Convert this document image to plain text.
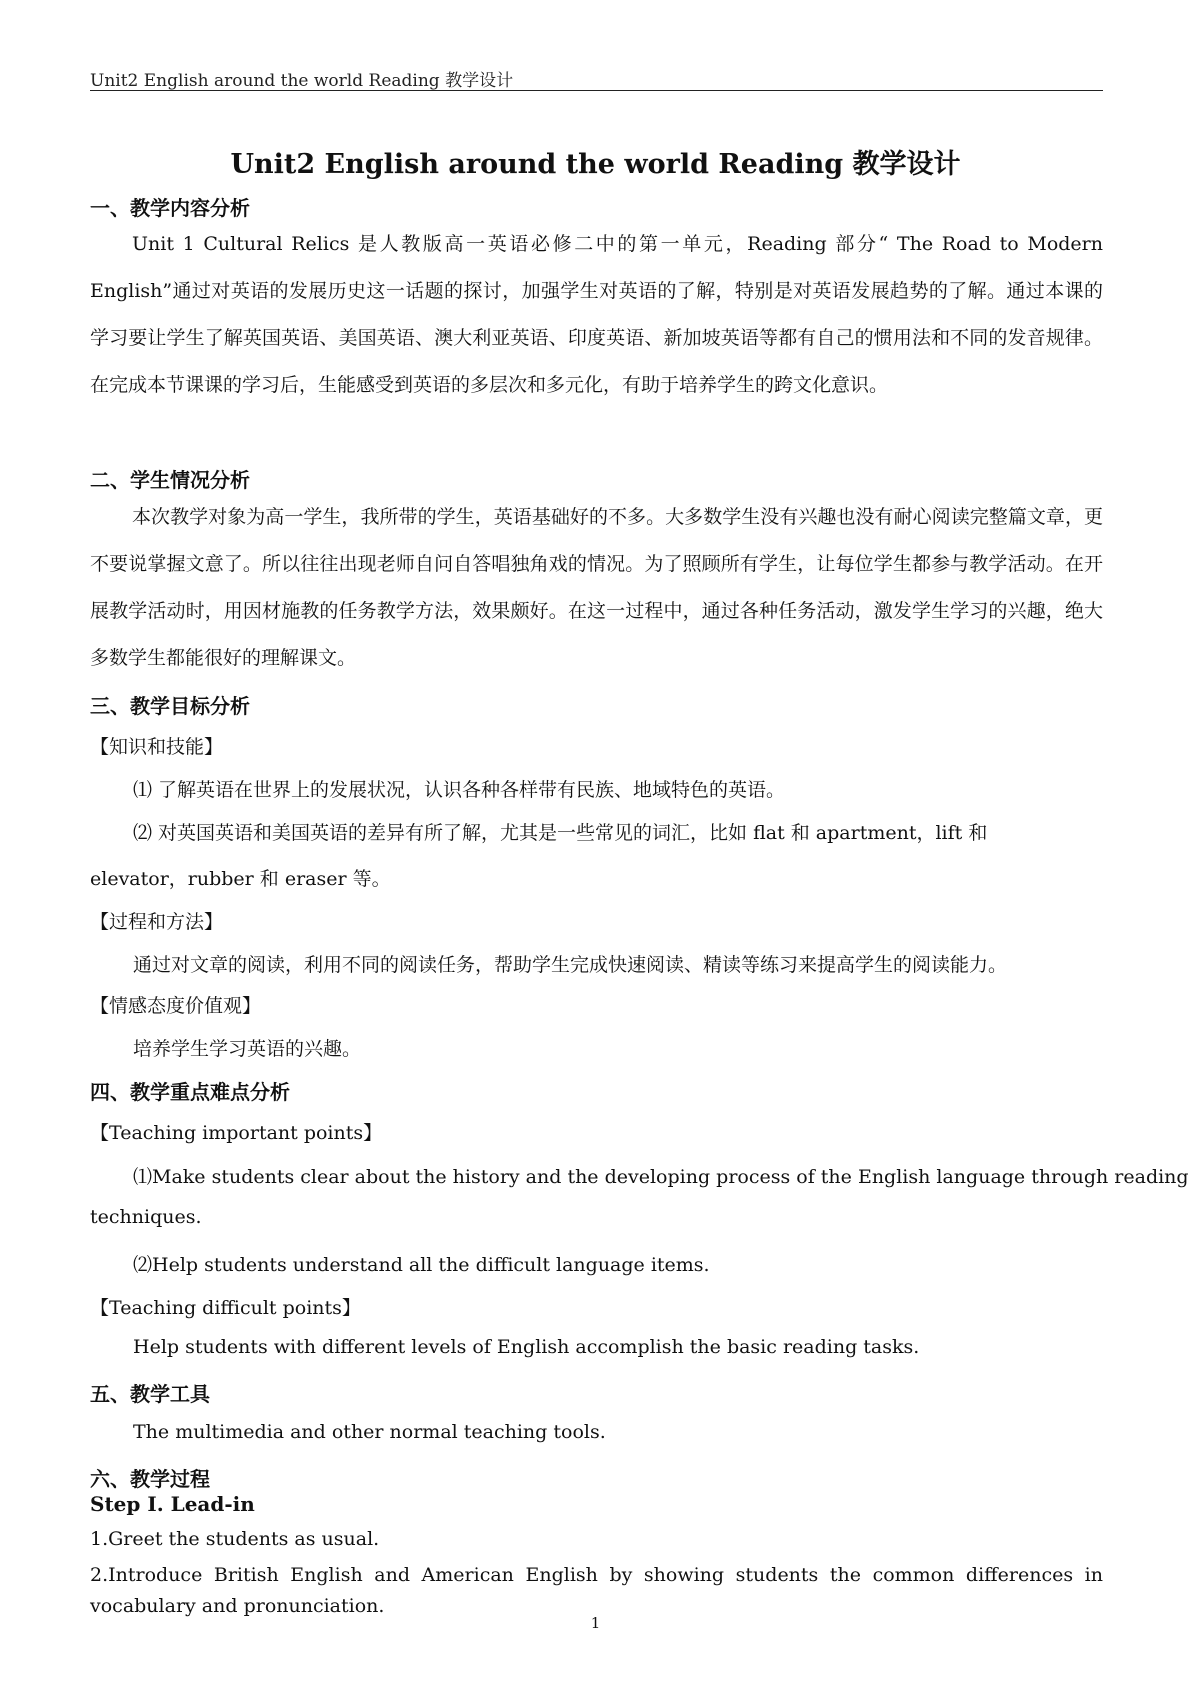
Unit2 English around the world Reading 教学设计
Unit2 English around the world Reading 教学设计
一、教学内容分析
Unit 1 Cultural Relics 是人教版高一英语必修二中的第一单元，Reading 部分“ The Road to Modern English”通过对英语的发展历史这一话题的探讨，加强学生对英语的了解，特别是对英语发展趋势的了解。通过本课的学习要让学生了解英国英语、美国英语、澳大利亚英语、印度英语、新加坡英语等都有自己的惯用法和不同的发音规律。在完成本节课课的学习后，生能感受到英语的多层次和多元化，有助于培养学生的跨文化意识。
二、学生情况分析
本次教学对象为高一学生，我所带的学生，英语基础好的不多。大多数学生没有兴趣也没有耐心阅读完整篇文章，更不要说掌握文意了。所以往往出现老师自问自答唱独角戏的情况。为了照顾所有学生，让每位学生都参与教学活动。在开展教学活动时，用因材施教的任务教学方法，效果颇好。在这一过程中，通过各种任务活动，激发学生学习的兴趣，绝大多数学生都能很好的理解课文。
三、教学目标分析
【知识和技能】
⑴ 了解英语在世界上的发展状况，认识各种各样带有民族、地域特色的英语。
⑵ 对英国英语和美国英语的差异有所了解，尤其是一些常见的词汇，比如 flat 和 apartment，lift 和
elevator，rubber 和 eraser 等。
【过程和方法】
通过对文章的阅读，利用不同的阅读任务，帮助学生完成快速阅读、精读等练习来提高学生的阅读能力。
【情感态度价值观】
培养学生学习英语的兴趣。
四、教学重点难点分析
【Teaching important points】
⑴Make students clear about the history and the developing process of the English language through reading
techniques.
⑵Help students understand all the difficult language items.
【Teaching difficult points】
Help students with different levels of English accomplish the basic reading tasks.
五、教学工具
The multimedia and other normal teaching tools.
六、教学过程
Step I. Lead-in
1.Greet the students as usual.
2.Introduce British English and American English by showing students the common differences in vocabulary and pronunciation.
1
